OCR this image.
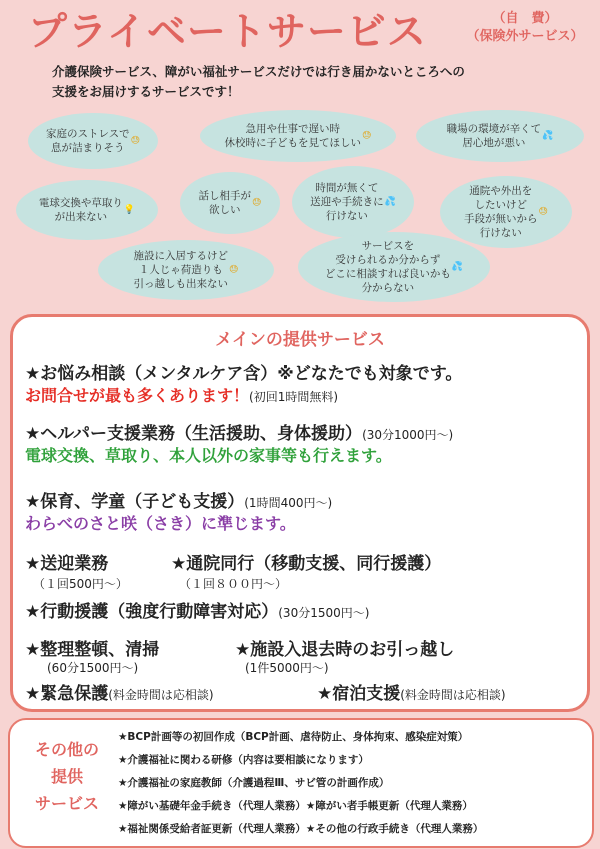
プライベートサービス	（自　費）
（保険外サービス）
介護保険サービス、障がい福祉サービスだけでは行き届かないところへの
支援をお届けするサービスです！
家庭のストレスで
息が詰まりそう
😓
急用や仕事で遅い時
休校時に子どもを見てほしい
😓
職場の環境が辛くて
居心地が悪い
💦
電球交換や草取り
が出来ない
💡
話し相手が
欲しい
😓
時間が無くて
送迎や手続きに
行けない
💦
通院や外出を
したいけど
手段が無いから
行けない
😓
施設に入居するけど
１人じゃ荷造りも
引っ越しも出来ない
😓
サービスを
受けられるか分からず
どこに相談すれば良いかも
分からない
💦
メインの提供サービス
★お悩み相談（メンタルケア含）※どなたでも対象です。
お問合せが最も多くあります！(初回1時間無料)
★ヘルパー支援業務（生活援助、身体援助）(30分1000円～)
電球交換、草取り、本人以外の家事等も行えます。
★保育、学童（子ども支援）(1時間400円～)
わらべのさと咲（さき）に準じます。
★送迎業務	★通院同行（移動支援、同行援護）
（１回500円～）	（１回８００円～）
★行動援護（強度行動障害対応）(30分1500円～)
★整理整頓、清掃	★施設入退去時のお引っ越し
(60分1500円～)	(1件5000円～)
★緊急保護(料金時間は応相談)	★宿泊支援(料金時間は応相談)
その他の
提供
サービス
★BCP計画等の初回作成（BCP計画、虐待防止、身体拘束、感染症対策）
★介護福祉に関わる研修（内容は要相談になります）
★介護福祉の家庭教師（介護過程Ⅲ、サビ管の計画作成）
★障がい基礎年金手続き（代理人業務）★障がい者手帳更新（代理人業務）
★福祉関係受給者証更新（代理人業務）★その他の行政手続き（代理人業務）
